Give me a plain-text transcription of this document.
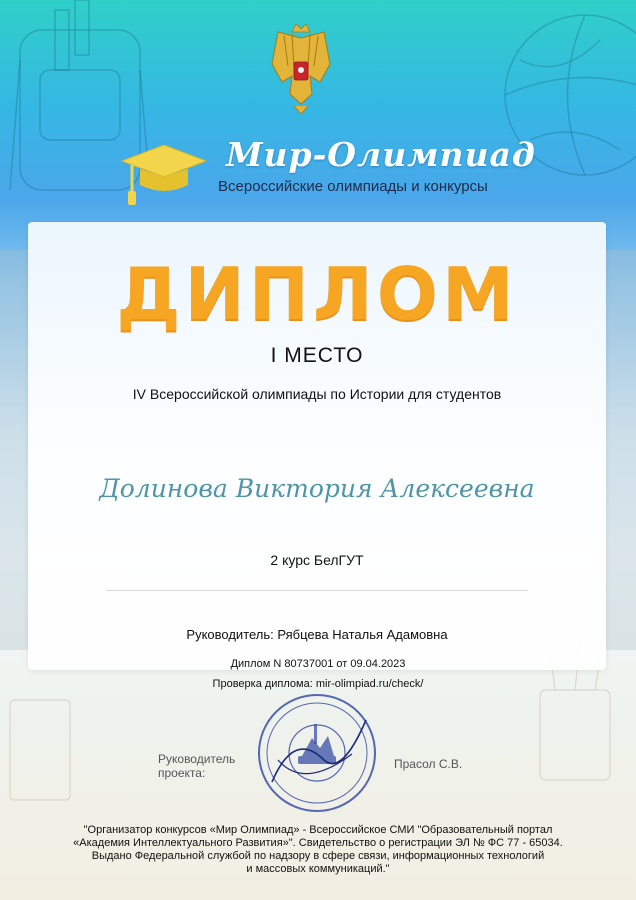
Мир-Олимпиад
Всероссийские олимпиады и конкурсы
ДИПЛОМ
I МЕСТО
IV Всероссийской олимпиады по Истории для студентов
Долинова Виктория Алексеевна
2 курс БелГУТ
Руководитель: Рябцева Наталья Адамовна
Диплом N 80737001 от 09.04.2023
Проверка диплома: mir-olimpiad.ru/check/
Руководитель
проекта:
Прасол С.В.
"Организатор конкурсов «Мир Олимпиад» - Всероссийское СМИ "Образовательный портал
«Академия Интеллектуального Развития»". Свидетельство о регистрации ЭЛ № ФС 77 - 65034.
Выдано Федеральной службой по надзору в сфере связи, информационных технологий
и массовых коммуникаций."
